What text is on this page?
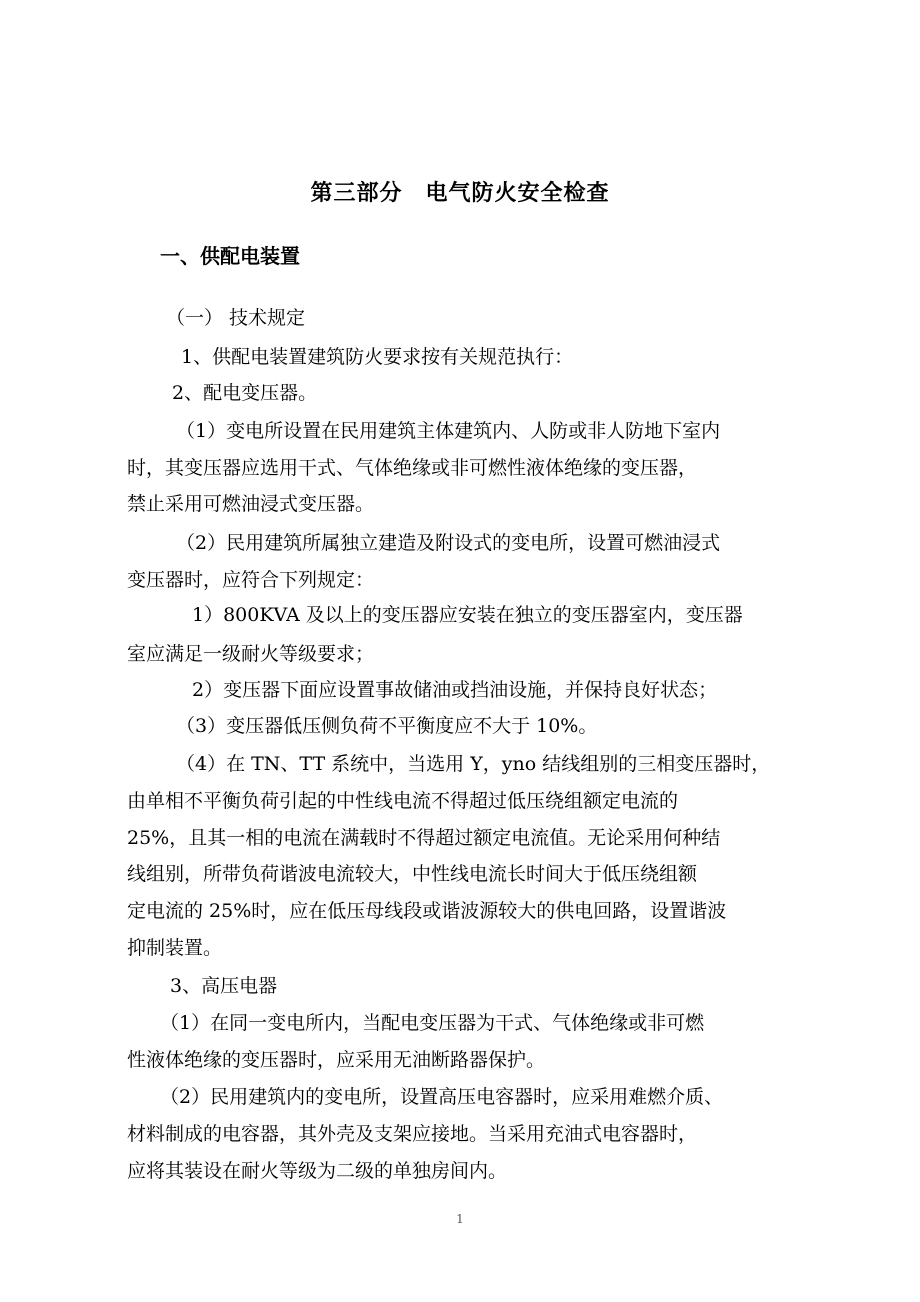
第三部分　电气防火安全检查
一、供配电装置
（一） 技术规定
1、供配电装置建筑防火要求按有关规范执行：
2、配电变压器。
（1）变电所设置在民用建筑主体建筑内、人防或非人防地下室内
时，其变压器应选用干式、气体绝缘或非可燃性液体绝缘的变压器，
禁止采用可燃油浸式变压器。
（2）民用建筑所属独立建造及附设式的变电所，设置可燃油浸式
变压器时，应符合下列规定：
1）800KVA 及以上的变压器应安装在独立的变压器室内，变压器
室应满足一级耐火等级要求；
2）变压器下面应设置事故储油或挡油设施，并保持良好状态；
（3）变压器低压侧负荷不平衡度应不大于 10%。
（4）在 TN、TT 系统中，当选用 Y，yno 结线组别的三相变压器时，
由单相不平衡负荷引起的中性线电流不得超过低压绕组额定电流的
25%，且其一相的电流在满载时不得超过额定电流值。无论采用何种结
线组别，所带负荷谐波电流较大，中性线电流长时间大于低压绕组额
定电流的 25%时，应在低压母线段或谐波源较大的供电回路，设置谐波
抑制装置。
3、高压电器
（1）在同一变电所内，当配电变压器为干式、气体绝缘或非可燃
性液体绝缘的变压器时，应采用无油断路器保护。
（2）民用建筑内的变电所，设置高压电容器时，应采用难燃介质、
材料制成的电容器，其外壳及支架应接地。当采用充油式电容器时，
应将其装设在耐火等级为二级的单独房间内。
1
